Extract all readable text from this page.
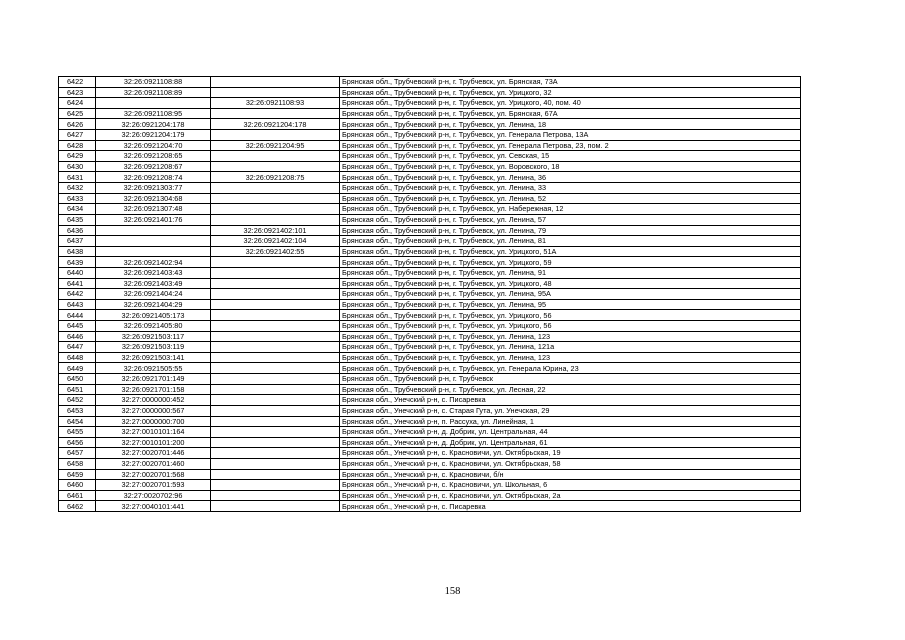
6422	32:26:0921108:88		Брянская обл., Трубчевский р-н, г. Трубчевск, ул. Брянская, 73А
6423	32:26:0921108:89		Брянская обл., Трубчевский р-н, г. Трубчевск, ул. Урицкого, 32
6424		32:26:0921108:93	Брянская обл., Трубчевский р-н, г. Трубчевск, ул. Урицкого, 40, пом. 40
6425	32:26:0921108:95		Брянская обл., Трубчевский р-н, г. Трубчевск, ул. Брянская, 67А
6426	32:26:0921204:178	32:26:0921204:178	Брянская обл., Трубчевский р-н, г. Трубчевск, ул. Ленина, 18
6427	32:26:0921204:179		Брянская обл., Трубчевский р-н, г. Трубчевск, ул. Генерала Петрова, 13А
6428	32:26:0921204:70	32:26:0921204:95	Брянская обл., Трубчевский р-н, г. Трубчевск, ул. Генерала Петрова, 23, пом. 2
6429	32:26:0921208:65		Брянская обл., Трубчевский р-н, г. Трубчевск, ул. Севская, 15
6430	32:26:0921208:67		Брянская обл., Трубчевский р-н, г. Трубчевск, ул. Воровского, 18
6431	32:26:0921208:74	32:26:0921208:75	Брянская обл., Трубчевский р-н, г. Трубчевск, ул. Ленина, 36
6432	32:26:0921303:77		Брянская обл., Трубчевский р-н, г. Трубчевск, ул. Ленина, 33
6433	32:26:0921304:68		Брянская обл., Трубчевский р-н, г. Трубчевск, ул. Ленина, 52
6434	32:26:0921307:48		Брянская обл., Трубчевский р-н, г. Трубчевск, ул. Набережная, 12
6435	32:26:0921401:76		Брянская обл., Трубчевский р-н, г. Трубчевск, ул. Ленина, 57
6436		32:26:0921402:101	Брянская обл., Трубчевский р-н, г. Трубчевск, ул. Ленина, 79
6437		32:26:0921402:104	Брянская обл., Трубчевский р-н, г. Трубчевск, ул. Ленина, 81
6438		32:26:0921402:55	Брянская обл., Трубчевский р-н, г. Трубчевск, ул. Урицкого, 51А
6439	32:26:0921402:94		Брянская обл., Трубчевский р-н, г. Трубчевск, ул. Урицкого, 59
6440	32:26:0921403:43		Брянская обл., Трубчевский р-н, г. Трубчевск, ул. Ленина, 91
6441	32:26:0921403:49		Брянская обл., Трубчевский р-н, г. Трубчевск, ул. Урицкого, 48
6442	32:26:0921404:24		Брянская обл., Трубчевский р-н, г. Трубчевск, ул. Ленина, 95А
6443	32:26:0921404:29		Брянская обл., Трубчевский р-н, г. Трубчевск, ул. Ленина, 95
6444	32:26:0921405:173		Брянская обл., Трубчевский р-н, г. Трубчевск, ул. Урицкого, 56
6445	32:26:0921405:80		Брянская обл., Трубчевский р-н, г. Трубчевск, ул. Урицкого, 56
6446	32:26:0921503:117		Брянская обл., Трубчевский р-н, г. Трубчевск, ул. Ленина, 123
6447	32:26:0921503:119		Брянская обл., Трубчевский р-н, г. Трубчевск, ул. Ленина, 121а
6448	32:26:0921503:141		Брянская обл., Трубчевский р-н, г. Трубчевск, ул. Ленина, 123
6449	32:26:0921505:55		Брянская обл., Трубчевский р-н, г. Трубчевск, ул. Генерала Юрина, 23
6450	32:26:0921701:149		Брянская обл., Трубчевский р-н, г. Трубчевск
6451	32:26:0921701:158		Брянская обл., Трубчевский р-н, г. Трубчевск, ул. Лесная, 22
6452	32:27:0000000:452		Брянская обл., Унечский р-н, с. Писаревка
6453	32:27:0000000:567		Брянская обл., Унечский р-н, с. Старая Гута, ул. Унечская, 29
6454	32:27:0000000:700		Брянская обл., Унечский р-н, п. Рассуха, ул. Линейная, 1
6455	32:27:0010101:164		Брянская обл., Унечский р-н, д. Добрик, ул. Центральная, 44
6456	32:27:0010101:200		Брянская обл., Унечский р-н, д. Добрик, ул. Центральная, 61
6457	32:27:0020701:446		Брянская обл., Унечский р-н, с. Красновичи, ул. Октябрьская, 19
6458	32:27:0020701:460		Брянская обл., Унечский р-н, с. Красновичи, ул. Октябрьская, 58
6459	32:27:0020701:568		Брянская обл., Унечский р-н, с. Красновичи, б/н
6460	32:27:0020701:593		Брянская обл., Унечский р-н, с. Красновичи, ул. Школьная, 6
6461	32:27:0020702:96		Брянская обл., Унечский р-н, с. Красновичи, ул. Октябрьская, 2а
6462	32:27:0040101:441		Брянская обл., Унечский р-н, с. Писаревка
158
